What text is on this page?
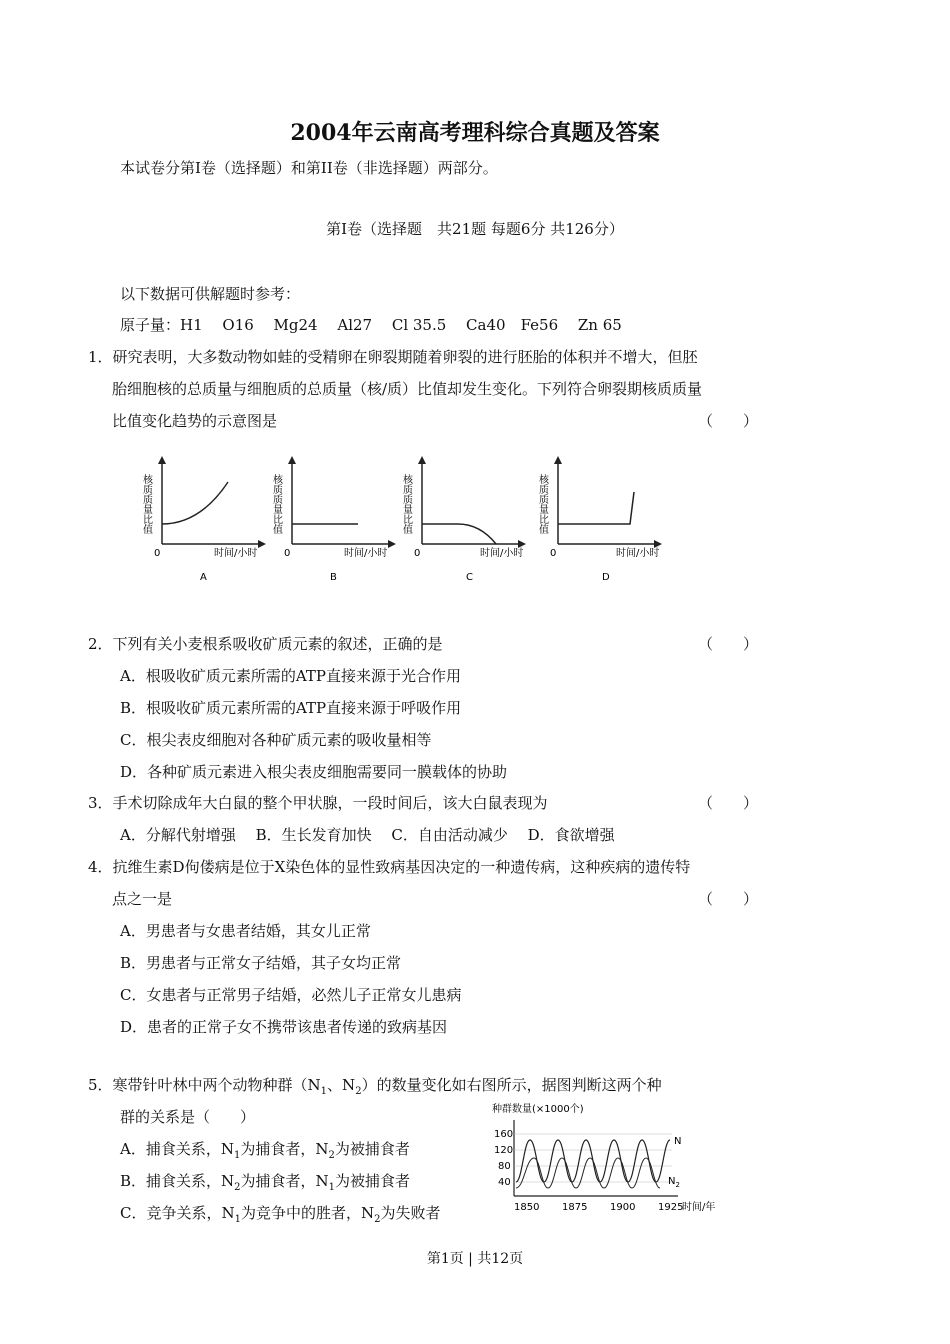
2004年云南高考理科综合真题及答案
本试卷分第Ⅰ卷（选择题）和第II卷（非选择题）两部分。
第Ⅰ卷（选择题　共21题 每题6分 共126分）
以下数据可供解题时参考：
原子量：H1　 O16　 Mg24　 Al27　 Cl 35.5　 Ca40　Fe56　 Zn 65
1．研究表明，大多数动物如蛙的受精卵在卵裂期随着卵裂的进行胚胎的体积并不增大，但胚
胎细胞核的总质量与细胞质的总质量（核/质）比值却发生变化。下列符合卵裂期核质质量
比值变化趋势的示意图是	（　　）
核质质量比值
0	时间/小时
A
核质质量比值
0	时间/小时
B
核质质量比值
0	时间/小时
C
核质质量比值
0	时间/小时
D
2．下列有关小麦根系吸收矿质元素的叙述，正确的是	（　　）
A．根吸收矿质元素所需的ATP直接来源于光合作用
B．根吸收矿质元素所需的ATP直接来源于呼吸作用
C．根尖表皮细胞对各种矿质元素的吸收量相等
D．各种矿质元素进入根尖表皮细胞需要同一膜载体的协助
3．手术切除成年大白鼠的整个甲状腺，一段时间后，该大白鼠表现为	（　　）
A．分解代射增强　 B．生长发育加快　 C．自由活动减少　 D．食欲增强
4．抗维生素D佝偻病是位于X染色体的显性致病基因决定的一种遗传病，这种疾病的遗传特
点之一是	（　　）
A．男患者与女患者结婚，其女儿正常
B．男患者与正常女子结婚，其子女均正常
C．女患者与正常男子结婚，必然儿子正常女儿患病
D．患者的正常子女不携带该患者传递的致病基因
5．寒带针叶林中两个动物种群（$N_1$、$N_2$）的数量变化如右图所示，据图判断这两个种
群的关系是（　　）
A．捕食关系，$N_1$为捕食者，$N_2$为被捕食者
B．捕食关系，$N_2$为捕食者，$N_1$为被捕食者
C．竞争关系，$N_1$为竞争中的胜者，$N_2$为失败者
种群数量(×1000个)
160
120
80
40
N
$N_2$
1850 1875 1900 1925
时间/年
第1页 | 共12页
